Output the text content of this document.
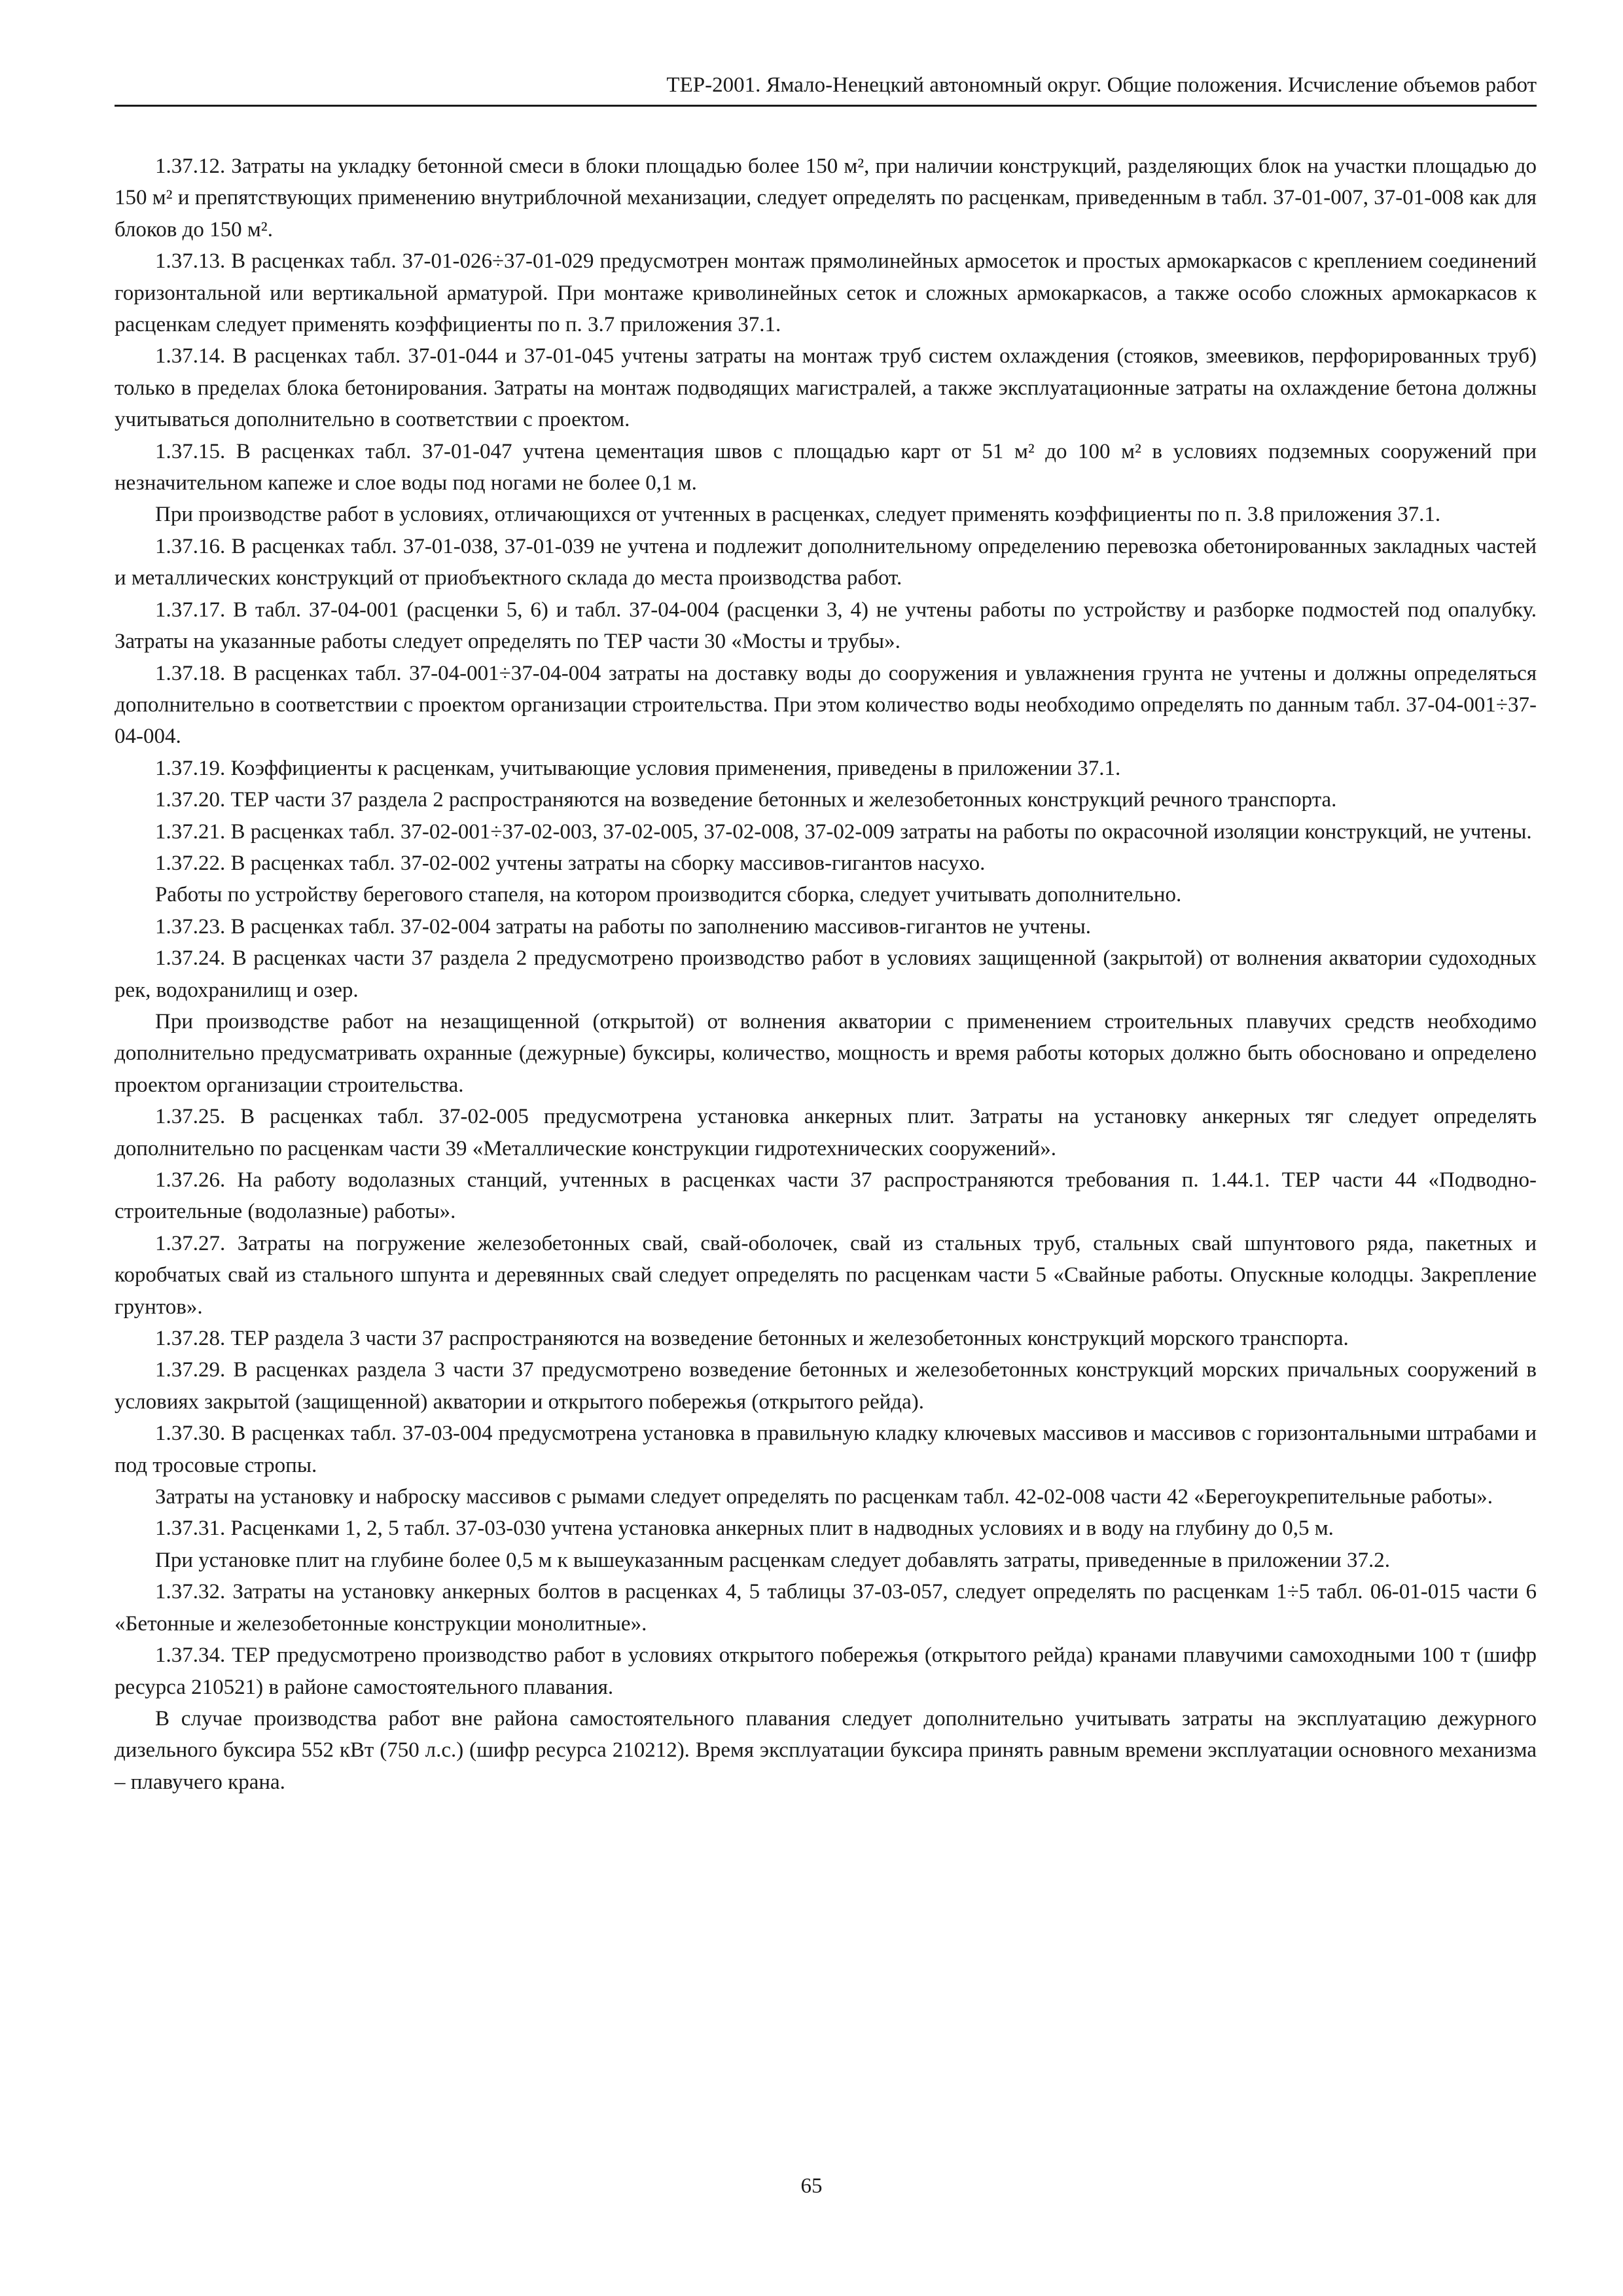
ТЕР-2001. Ямало-Ненецкий автономный округ. Общие положения. Исчисление объемов работ

1.37.12. Затраты на укладку бетонной смеси в блоки площадью более 150 м², при наличии конструкций, разделяющих блок на участки площадью до 150 м² и препятствующих применению внутриблочной механизации, следует определять по расценкам, приведенным в табл. 37-01-007, 37-01-008 как для блоков до 150 м².

1.37.13. В расценках табл. 37-01-026÷37-01-029 предусмотрен монтаж прямолинейных армосеток и простых армокаркасов с креплением соединений горизонтальной или вертикальной арматурой. При монтаже криволинейных сеток и сложных армокаркасов, а также особо сложных армокаркасов к расценкам следует применять коэффициенты по п. 3.7 приложения 37.1.

1.37.14. В расценках табл. 37-01-044 и 37-01-045 учтены затраты на монтаж труб систем охлаждения (стояков, змеевиков, перфорированных труб) только в пределах блока бетонирования. Затраты на монтаж подводящих магистралей, а также эксплуатационные затраты на охлаждение бетона должны учитываться дополнительно в соответствии с проектом.

1.37.15. В расценках табл. 37-01-047 учтена цементация швов с площадью карт от 51 м² до 100 м² в условиях подземных сооружений при незначительном капеже и слое воды под ногами не более 0,1 м.

При производстве работ в условиях, отличающихся от учтенных в расценках, следует применять коэффициенты по п. 3.8 приложения 37.1.

1.37.16. В расценках табл. 37-01-038, 37-01-039 не учтена и подлежит дополнительному определению перевозка обетонированных закладных частей и металлических конструкций от приобъектного склада до места производства работ.

1.37.17. В табл. 37-04-001 (расценки 5, 6) и табл. 37-04-004 (расценки 3, 4) не учтены работы по устройству и разборке подмостей под опалубку. Затраты на указанные работы следует определять по ТЕР части 30 «Мосты и трубы».

1.37.18. В расценках табл. 37-04-001÷37-04-004 затраты на доставку воды до сооружения и увлажнения грунта не учтены и должны определяться дополнительно в соответствии с проектом организации строительства. При этом количество воды необходимо определять по данным табл. 37-04-001÷37-04-004.

1.37.19. Коэффициенты к расценкам, учитывающие условия применения, приведены в приложении 37.1.

1.37.20. ТЕР части 37 раздела 2 распространяются на возведение бетонных и железобетонных конструкций речного транспорта.

1.37.21. В расценках табл. 37-02-001÷37-02-003, 37-02-005, 37-02-008, 37-02-009 затраты на работы по окрасочной изоляции конструкций, не учтены.

1.37.22. В расценках табл. 37-02-002 учтены затраты на сборку массивов-гигантов насухо.

Работы по устройству берегового стапеля, на котором производится сборка, следует учитывать дополнительно.

1.37.23. В расценках табл. 37-02-004 затраты на работы по заполнению массивов-гигантов не учтены.

1.37.24. В расценках части 37 раздела 2 предусмотрено производство работ в условиях защищенной (закрытой) от волнения акватории судоходных рек, водохранилищ и озер.

При производстве работ на незащищенной (открытой) от волнения акватории с применением строительных плавучих средств необходимо дополнительно предусматривать охранные (дежурные) буксиры, количество, мощность и время работы которых должно быть обосновано и определено проектом организации строительства.

1.37.25. В расценках табл. 37-02-005 предусмотрена установка анкерных плит. Затраты на установку анкерных тяг следует определять дополнительно по расценкам части 39 «Металлические конструкции гидротехнических сооружений».

1.37.26. На работу водолазных станций, учтенных в расценках части 37 распространяются требования п. 1.44.1. ТЕР части 44 «Подводно-строительные (водолазные) работы».

1.37.27. Затраты на погружение железобетонных свай, свай-оболочек, свай из стальных труб, стальных свай шпунтового ряда, пакетных и коробчатых свай из стального шпунта и деревянных свай следует определять по расценкам части 5 «Свайные работы. Опускные колодцы. Закрепление грунтов».

1.37.28. ТЕР раздела 3 части 37 распространяются на возведение бетонных и железобетонных конструкций морского транспорта.

1.37.29. В расценках раздела 3 части 37 предусмотрено возведение бетонных и железобетонных конструкций морских причальных сооружений в условиях закрытой (защищенной) акватории и открытого побережья (открытого рейда).

1.37.30. В расценках табл. 37-03-004 предусмотрена установка в правильную кладку ключевых массивов и массивов с горизонтальными штрабами и под тросовые стропы.

Затраты на установку и наброску массивов с рымами следует определять по расценкам табл. 42-02-008 части 42 «Берегоукрепительные работы».

1.37.31. Расценками 1, 2, 5 табл. 37-03-030 учтена установка анкерных плит в надводных условиях и в воду на глубину до 0,5 м.

При установке плит на глубине более 0,5 м к вышеуказанным расценкам следует добавлять затраты, приведенные в приложении 37.2.

1.37.32. Затраты на установку анкерных болтов в расценках 4, 5 таблицы 37-03-057, следует определять по расценкам 1÷5 табл. 06-01-015 части 6 «Бетонные и железобетонные конструкции монолитные».

1.37.34. ТЕР предусмотрено производство работ в условиях открытого побережья (открытого рейда) кранами плавучими самоходными 100 т (шифр ресурса 210521) в районе самостоятельного плавания.

В случае производства работ вне района самостоятельного плавания следует дополнительно учитывать затраты на эксплуатацию дежурного дизельного буксира 552 кВт (750 л.с.) (шифр ресурса 210212). Время эксплуатации буксира принять равным времени эксплуатации основного механизма – плавучего крана.

65
